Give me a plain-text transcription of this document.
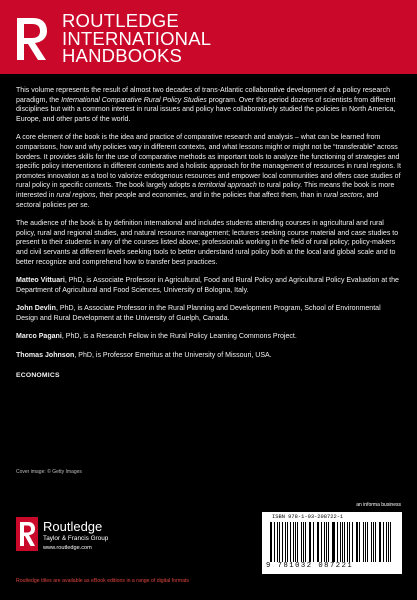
ROUTLEDGE
INTERNATIONAL
HANDBOOKS

This volume represents the result of almost two decades of trans-Atlantic collaborative development of a policy research paradigm, the International Comparative Rural Policy Studies program. Over this period dozens of scientists from different disciplines but with a common interest in rural issues and policy have collaboratively studied the policies in North America, Europe, and other parts of the world.

A core element of the book is the idea and practice of comparative research and analysis – what can be learned from comparisons, how and why policies vary in different contexts, and what lessons might or might not be “transferable” across borders. It provides skills for the use of comparative methods as important tools to analyze the functioning of strategies and specific policy interventions in different contexts and a holistic approach for the management of resources in rural regions. It promotes innovation as a tool to valorize endogenous resources and empower local communities and offers case studies of rural policy in specific contexts. The book largely adopts a territorial approach to rural policy. This means the book is more interested in rural regions, their people and economies, and in the policies that affect them, than in rural sectors, and sectoral policies per se.

The audience of the book is by definition international and includes students attending courses in agricultural and rural policy, rural and regional studies, and natural resource management; lecturers seeking course material and case studies to present to their students in any of the courses listed above; professionals working in the field of rural policy; policy-makers and civil servants at different levels seeking tools to better understand rural policy both at the local and global scale and to better recognize and comprehend how to transfer best practices.

Matteo Vittuari, PhD, is Associate Professor in Agricultural, Food and Rural Policy and Agricultural Policy Evaluation at the Department of Agricultural and Food Sciences, University of Bologna, Italy.

John Devlin, PhD, is Associate Professor in the Rural Planning and Development Program, School of Environmental Design and Rural Development at the University of Guelph, Canada.

Marco Pagani, PhD, is a Research Fellow in the Rural Policy Learning Commons Project.

Thomas Johnson, PhD, is Professor Emeritus at the University of Missouri, USA.

ECONOMICS
Cover image: © Getty Images
Routledge
Taylor & Francis Group
www.routledge.com
Routledge titles are available as eBook editions in a range of digital formats
an informa business
ISBN 978-1-03-208722-1
9 781032 087221
